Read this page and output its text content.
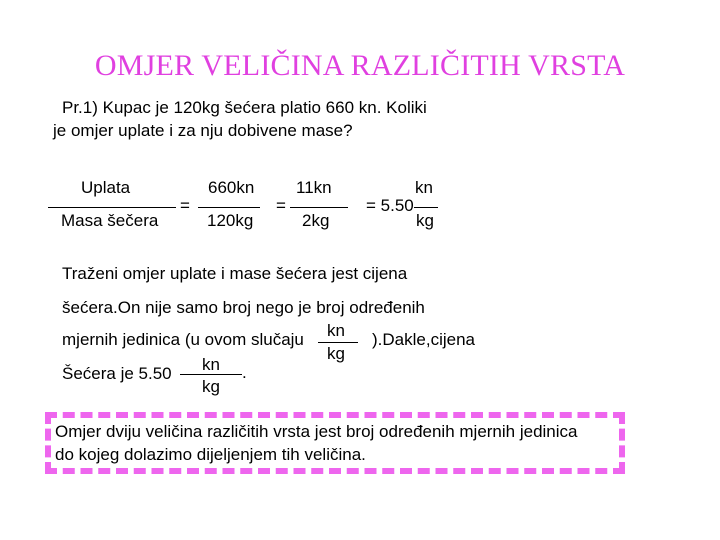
OMJER VELIČINA RAZLIČITIH VRSTA
Pr.1) Kupac je 120kg šećera platio 660 kn. Koliki
je omjer uplate i za nju dobivene mase?
Uplata
Masa šečera
=
660kn
120kg
=
11kn
2kg
= 5.50
kn
kg
Traženi omjer uplate i mase šećera jest cijena
šećera.On nije samo broj nego je broj određenih
mjernih jedinica (u ovom slučaju kn
kg
).Dakle,cijena
Šećera je 5.50 kn
kg
.
Omjer dviju veličina različitih vrsta jest broj određenih mjernih jedinica
do kojeg dolazimo dijeljenjem tih veličina.
